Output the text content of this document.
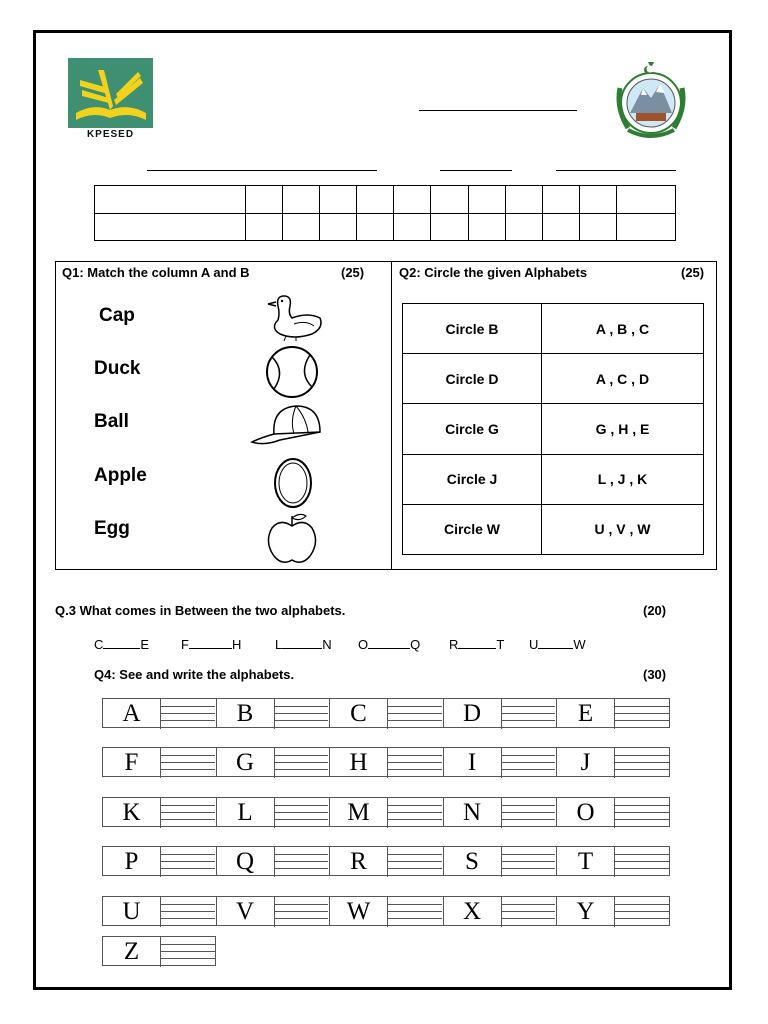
KPESED

Q1: Match the column A and B	(25)
Cap
Duck
Ball
Apple
Egg
Q2: Circle the given Alphabets	(25)
Circle B	A , B , C
Circle D	A , C , D
Circle G	G , H , E
Circle J	L , J , K
Circle W	U , V , W
Q.3 What comes in Between the two alphabets.	(20)
C	E F	H	L	N O	Q R	T U	W
Q4: See and write the alphabets.	(30)
A	B	C	D	E
F	G	H	I	J
K	L	M	N	O
P	Q	R	S	T
U	V	W	X	Y
Z
